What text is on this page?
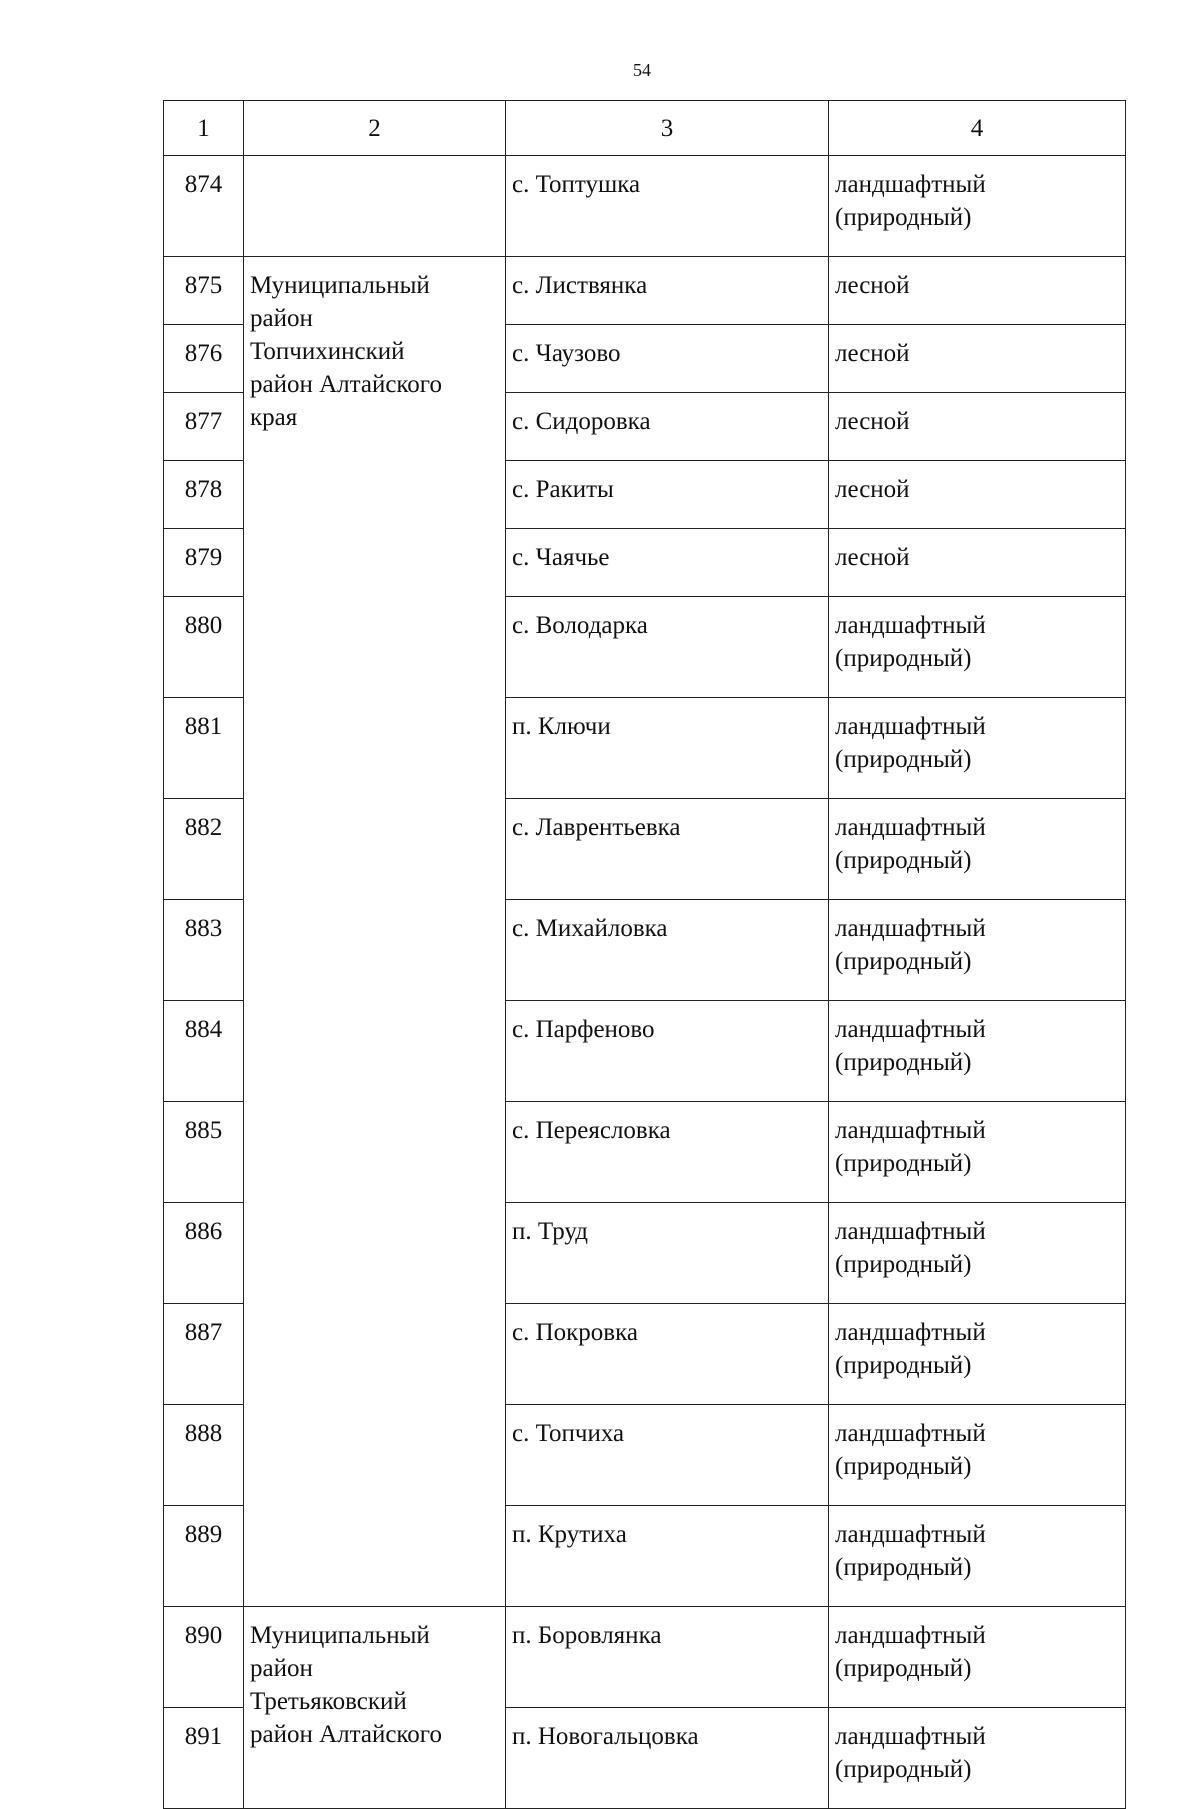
54
1	2	3	4
874		с. Топтушка	ландшафтный
(природный)

875	Муниципальный
район
Топчихинский
район Алтайского
края	с. Листвянка	лесной

876		с. Чаузово	лесной

877		с. Сидоровка	лесной

878		с. Ракиты	лесной

879		с. Чаячье	лесной

880		с. Володарка	ландшафтный
(природный)

881		п. Ключи	ландшафтный
(природный)

882		с. Лаврентьевка	ландшафтный
(природный)

883		с. Михайловка	ландшафтный
(природный)

884		с. Парфеново	ландшафтный
(природный)

885		с. Переясловка	ландшафтный
(природный)

886		п. Труд	ландшафтный
(природный)

887		с. Покровка	ландшафтный
(природный)

888		с. Топчиха	ландшафтный
(природный)

889		п. Крутиха	ландшафтный
(природный)

890	Муниципальный
район
Третьяковский
район Алтайского	п. Боровлянка	ландшафтный
(природный)

891		п. Новогальцовка	ландшафтный
(природный)
